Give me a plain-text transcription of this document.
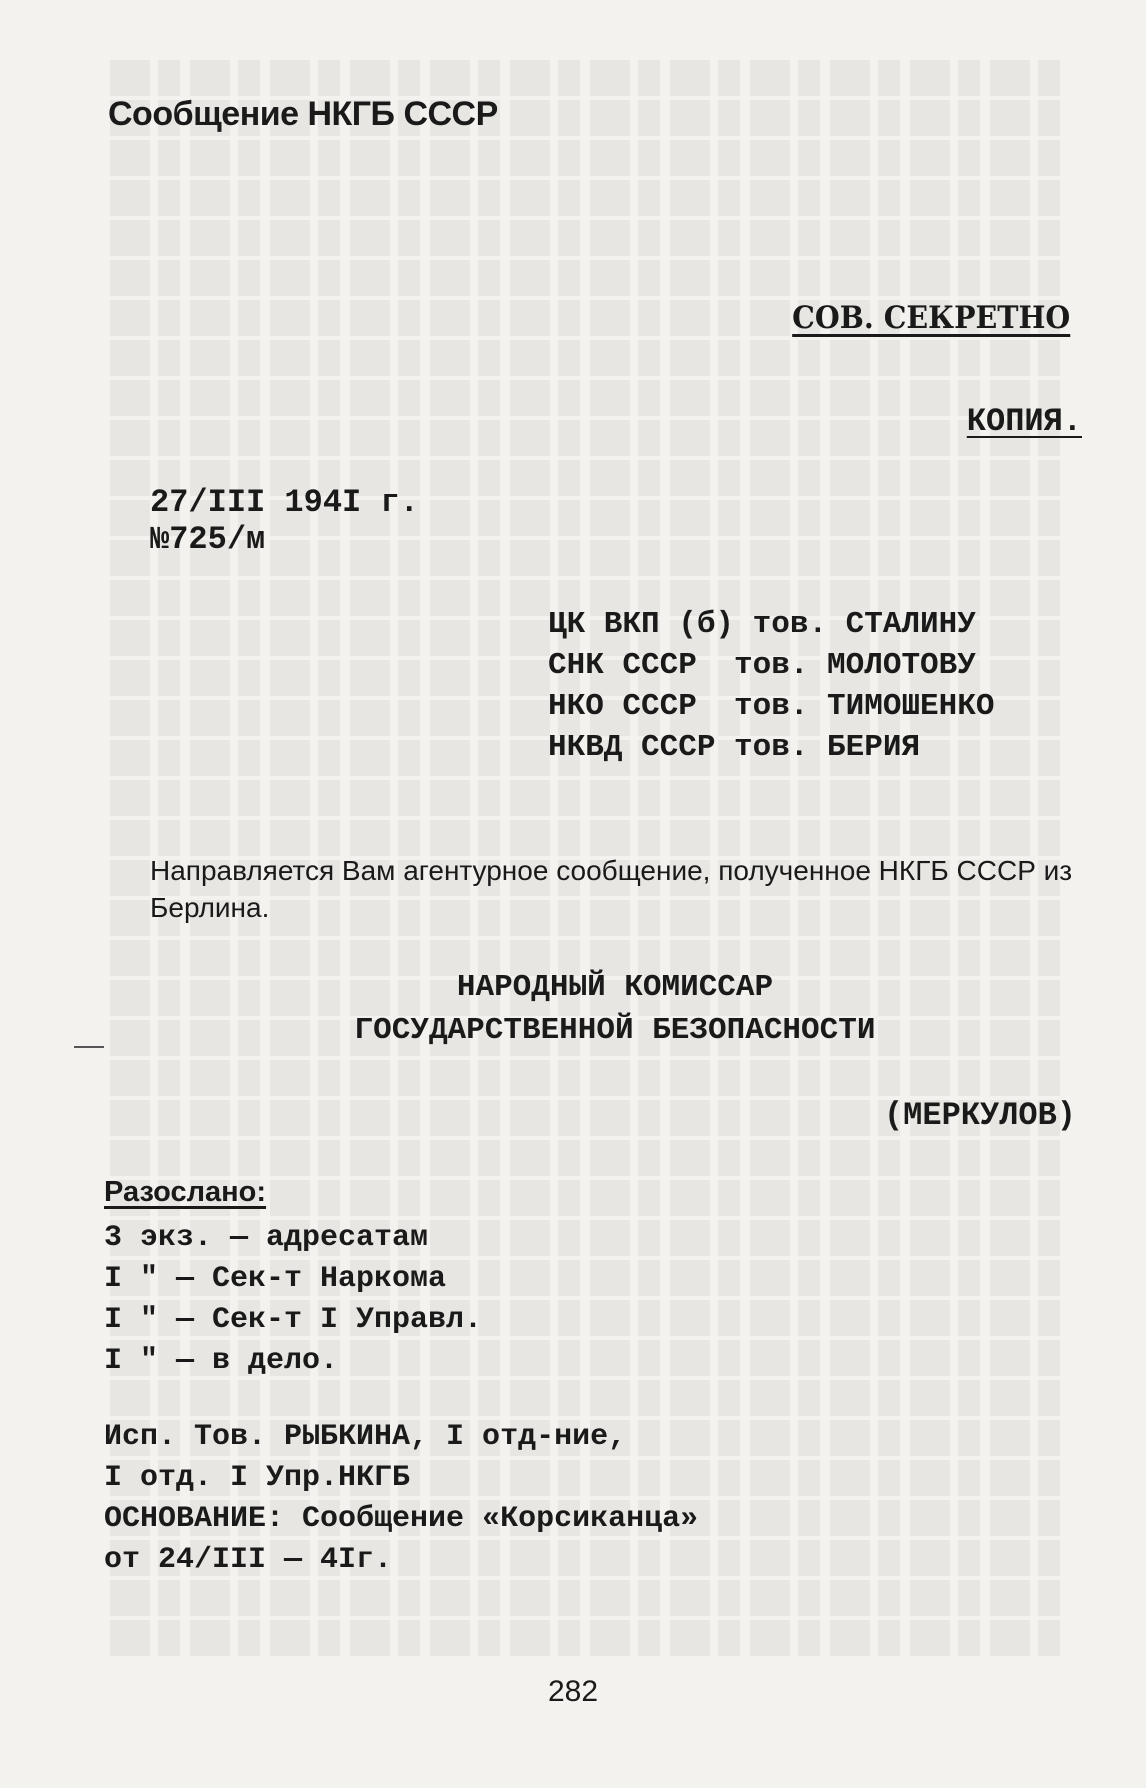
Сообщение НКГБ СССР
СОВ. СЕКРЕТНО
КОПИЯ.
27/III 194I г.
№725/м
ЦК ВКП (б) тов. СТАЛИНУ
СНК СССР  тов. МОЛОТОВУ
НКО СССР  тов. ТИМОШЕНКО
НКВД СССР тов. БЕРИЯ
Направляется Вам агентурное сообщение, полученное НКГБ СССР из Берлина.
НАРОДНЫЙ КОМИССАР
ГОСУДАРСТВЕННОЙ БЕЗОПАСНОСТИ
(МЕРКУЛОВ)
Разослано:
3 экз. — адресатам
I " — Сек-т Наркома
I " — Сек-т I Управл.
I " — в дело.
Исп. Тов. РЫБКИНА, I отд-ние,
I отд. I Упр.НКГБ
ОСНОВАНИЕ: Сообщение «Корсиканца»
от 24/III — 4Iг.
282
